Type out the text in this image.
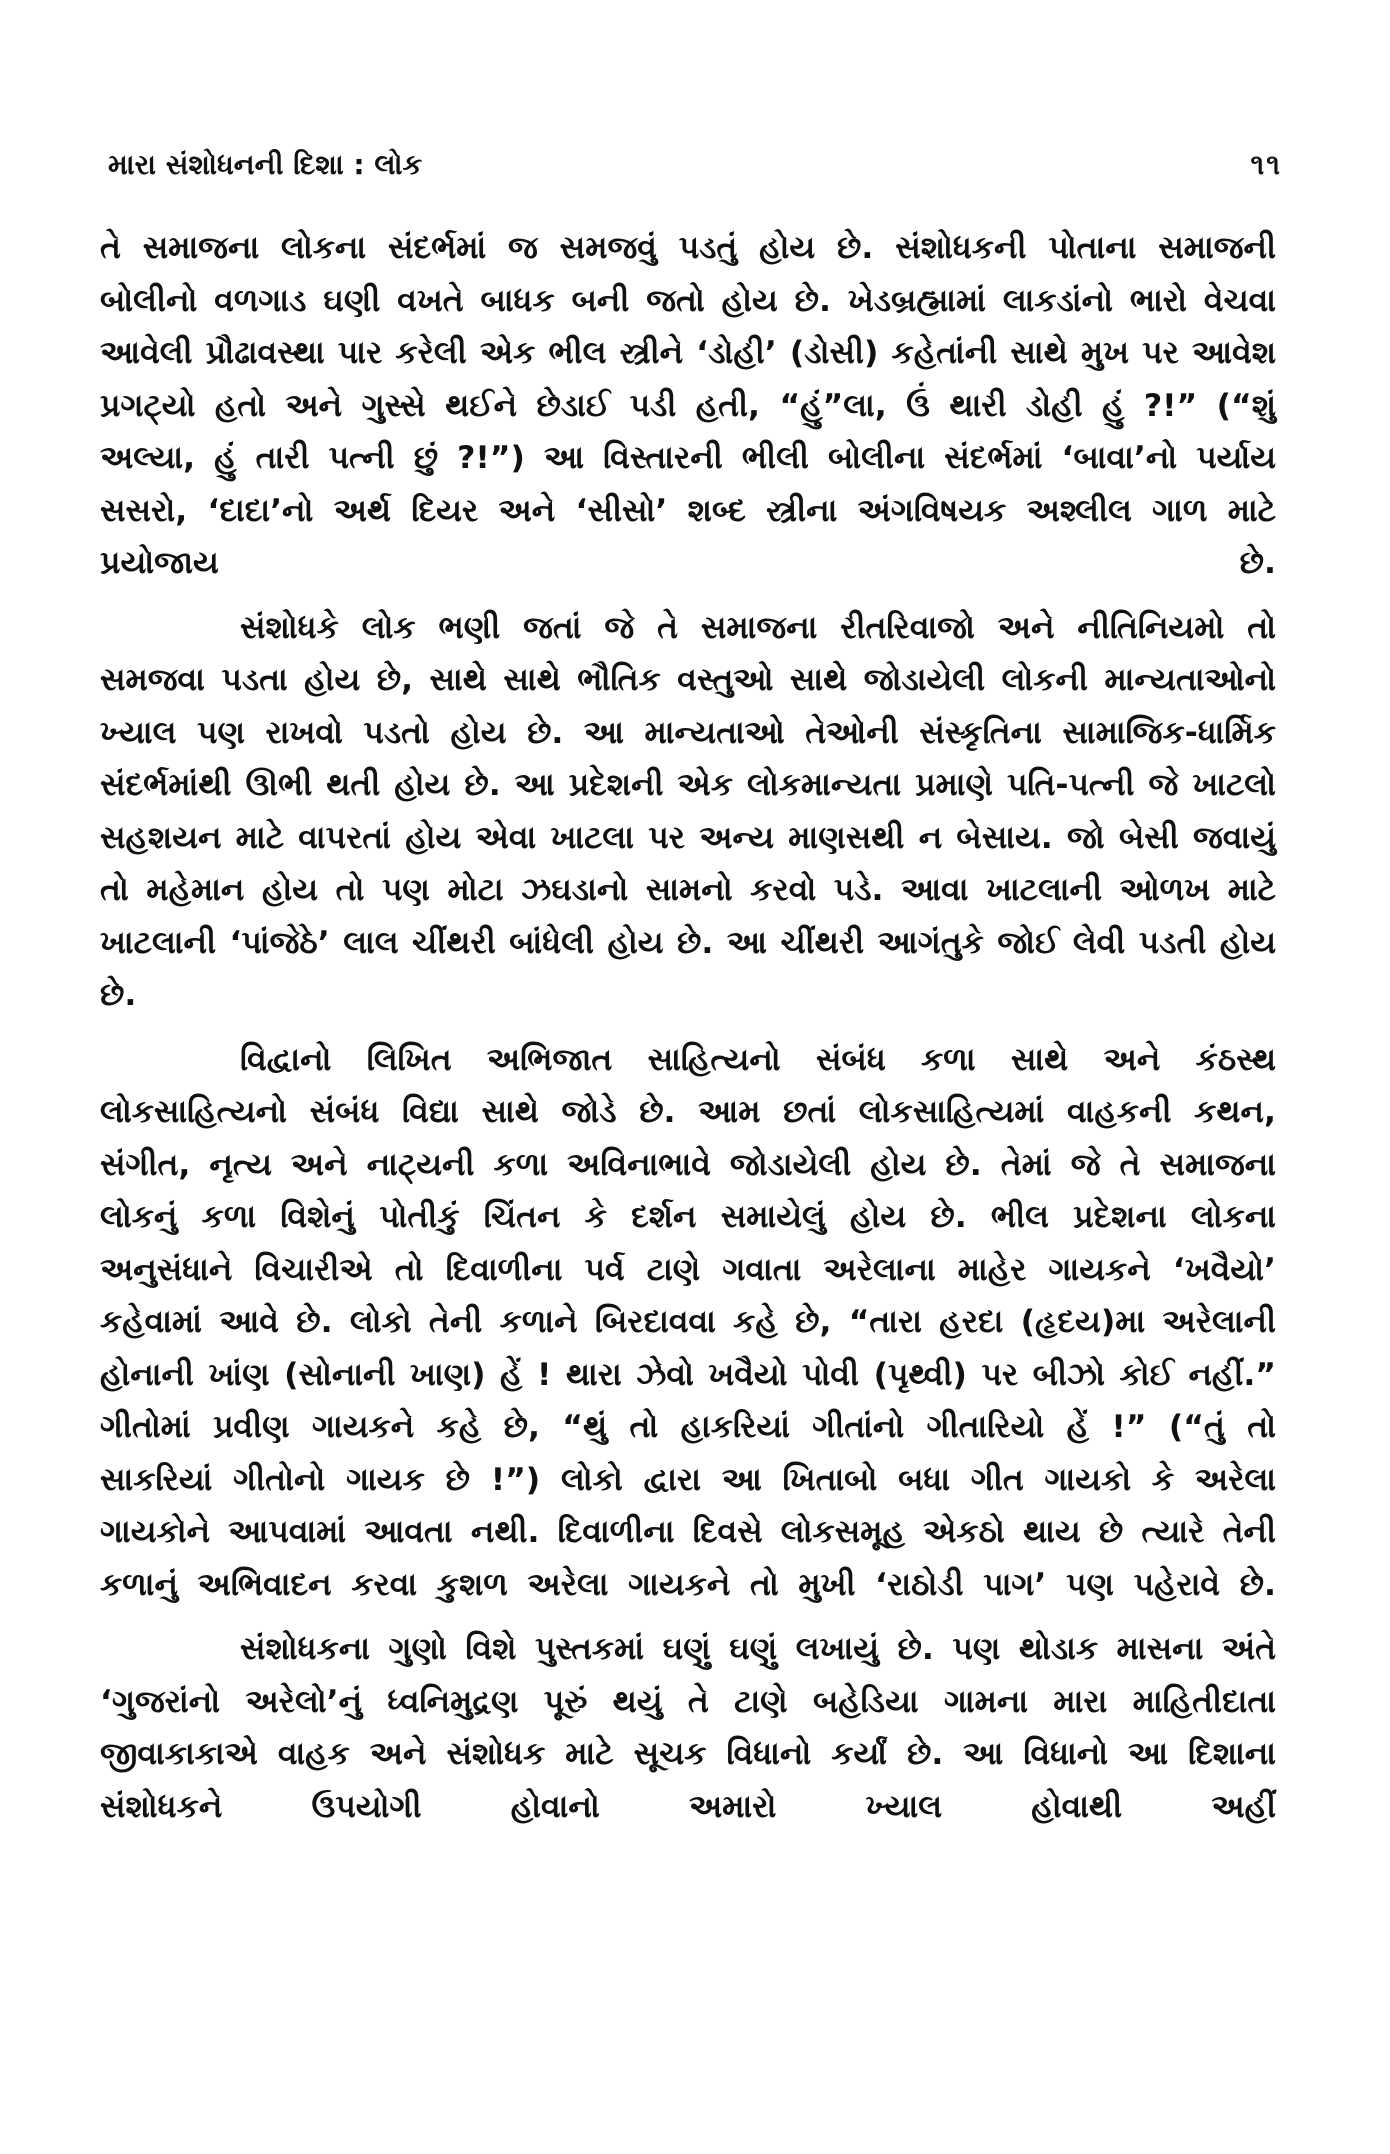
મારા સંશોધનની દિશા : લોક	૧૧

તે સમાજના લોકના સંદર્ભમાં જ સમજવું પડતું હોય છે. સંશોધકની પોતાના સમાજની બોલીનો વળગાડ ઘણી વખતે બાધક બની જતો હોય છે. ખેડબ્રહ્મામાં લાકડાંનો ભારો વેચવા આવેલી પ્રૌઢાવસ્થા પાર કરેલી એક ભીલ સ્ત્રીને ‘ડોહી’ (ડોસી) કહેતાંની સાથે મુખ પર આવેશ પ્રગટ્યો હતો અને ગુસ્સે થઈને છેડાઈ પડી હતી, “હું”લા, ઉં થારી ડોહી હું ?!” (“શું અલ્યા, હું તારી પત્ની છું ?!”) આ વિસ્તારની ભીલી બોલીના સંદર્ભમાં ‘બાવા’નો પર્યાય સસરો, ‘દાદા’નો અર્થ દિયર અને ‘સીસો’ શબ્દ સ્ત્રીના અંગવિષયક અશ્લીલ ગાળ માટે પ્રયોજાય છે.

સંશોધકે લોક ભણી જતાં જે તે સમાજના રીતરિવાજો અને નીતિનિયમો તો સમજવા પડતા હોય છે, સાથે સાથે ભૌતિક વસ્તુઓ સાથે જોડાયેલી લોકની માન્યતાઓનો ખ્યાલ પણ રાખવો પડતો હોય છે. આ માન્યતાઓ તેઓની સંસ્કૃતિના સામાજિક-ધાર્મિક સંદર્ભમાંથી ઊભી થતી હોય છે. આ પ્રદેશની એક લોકમાન્યતા પ્રમાણે પતિ-પત્ની જે ખાટલો સહશયન માટે વાપરતાં હોય એવા ખાટલા પર અન્ય માણસથી ન બેસાય. જો બેસી જવાયું તો મહેમાન હોય તો પણ મોટા ઝઘડાનો સામનો કરવો પડે. આવા ખાટલાની ઓળખ માટે ખાટલાની ‘પાંજેઠે’ લાલ ચીંથરી બાંધેલી હોય છે. આ ચીંથરી આગંતુકે જોઈ લેવી પડતી હોય છે.

વિદ્વાનો લિખિત અભિજાત સાહિત્યનો સંબંધ કળા સાથે અને કંઠસ્થ લોકસાહિત્યનો સંબંધ વિદ્યા સાથે જોડે છે. આમ છતાં લોકસાહિત્યમાં વાહકની કથન, સંગીત, નૃત્ય અને નાટ્યની કળા અવિનાભાવે જોડાયેલી હોય છે. તેમાં જે તે સમાજના લોકનું કળા વિશેનું પોતીકું ચિંતન કે દર્શન સમાયેલું હોય છે. ભીલ પ્રદેશના લોકના અનુસંધાને વિચારીએ તો દિવાળીના પર્વ ટાણે ગવાતા અરેલાના માહેર ગાયકને ‘ખવૈયો’ કહેવામાં આવે છે. લોકો તેની કળાને બિરદાવવા કહે છે, “તારા હરદા (હૃદય)મા અરેલાની હોનાની ખાંણ (સોનાની ખાણ) હેં ! થારા ઝેવો ખવૈયો પોવી (પૃથ્વી) પર બીઝો કોઈ નહીં.” ગીતોમાં પ્રવીણ ગાયકને કહે છે, “થું તો હાકરિયાં ગીતાંનો ગીતારિયો હેં !” (“તું તો સાકરિયાં ગીતોનો ગાયક છે !”) લોકો દ્વારા આ ખિતાબો બધા ગીત ગાયકો કે અરેલા ગાયકોને આપવામાં આવતા નથી. દિવાળીના દિવસે લોકસમૂહ એકઠો થાય છે ત્યારે તેની કળાનું અભિવાદન કરવા કુશળ અરેલા ગાયકને તો મુખી ‘રાઠોડી પાગ’ પણ પહેરાવે છે.

સંશોધકના ગુણો વિશે પુસ્તકમાં ઘણું ઘણું લખાયું છે. પણ થોડાક માસના અંતે ‘ગુજરાંનો અરેલો’નું ધ્વનિમુદ્રણ પૂરું થયું તે ટાણે બહેડિયા ગામના મારા માહિતીદાતા જીવાકાકાએ વાહક અને સંશોધક માટે સૂચક વિધાનો કર્યાં છે. આ વિધાનો આ દિશાના સંશોધકને ઉપયોગી હોવાનો અમારો ખ્યાલ હોવાથી અહીં
